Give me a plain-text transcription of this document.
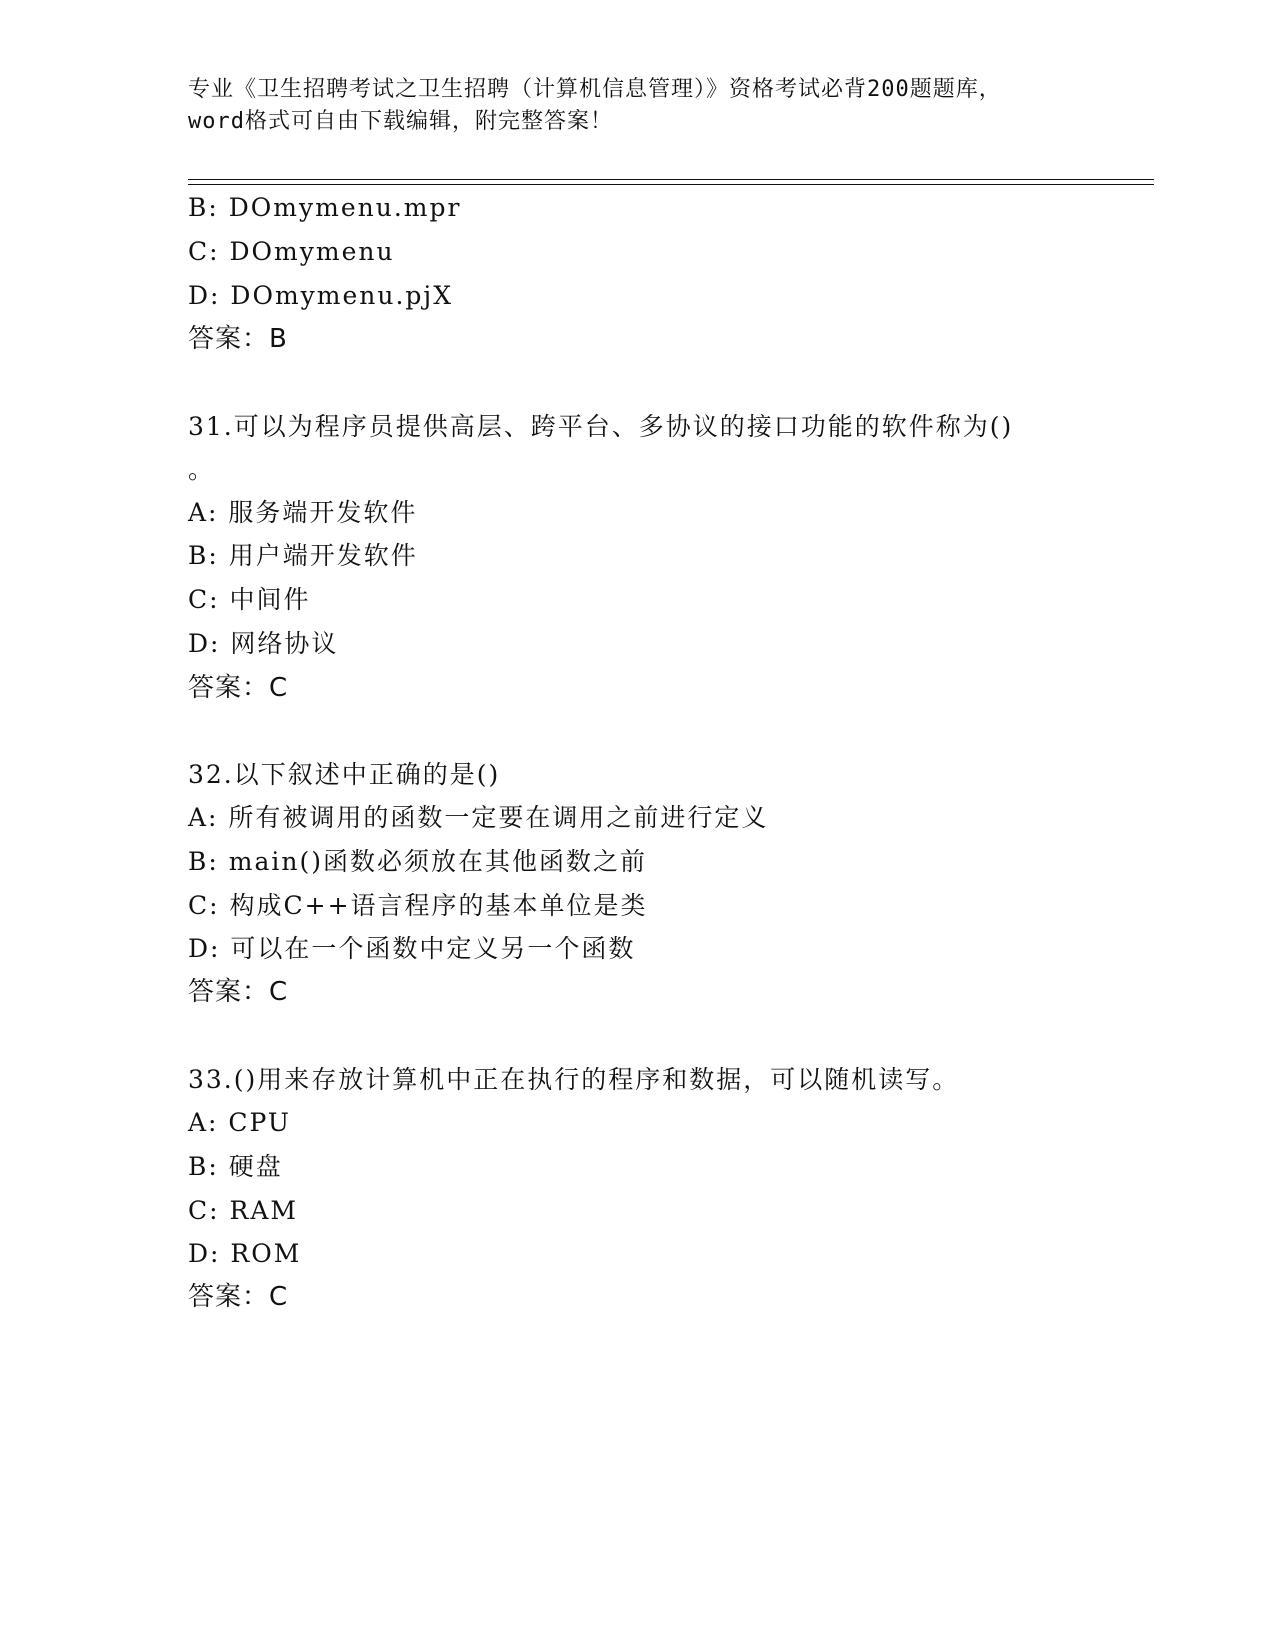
专业《卫生招聘考试之卫生招聘（计算机信息管理）》资格考试必背200题题库，
word格式可自由下载编辑，附完整答案！
B: DOmymenu.mpr
C: DOmymenu
D: DOmymenu.pjX
答案：B
31.可以为程序员提供高层、跨平台、多协议的接口功能的软件称为()
。
A: 服务端开发软件
B: 用户端开发软件
C: 中间件
D: 网络协议
答案：C
32.以下叙述中正确的是()
A: 所有被调用的函数一定要在调用之前进行定义
B: main()函数必须放在其他函数之前
C: 构成C++语言程序的基本单位是类
D: 可以在一个函数中定义另一个函数
答案：C
33.()用来存放计算机中正在执行的程序和数据，可以随机读写。
A: CPU
B: 硬盘
C: RAM
D: ROM
答案：C
